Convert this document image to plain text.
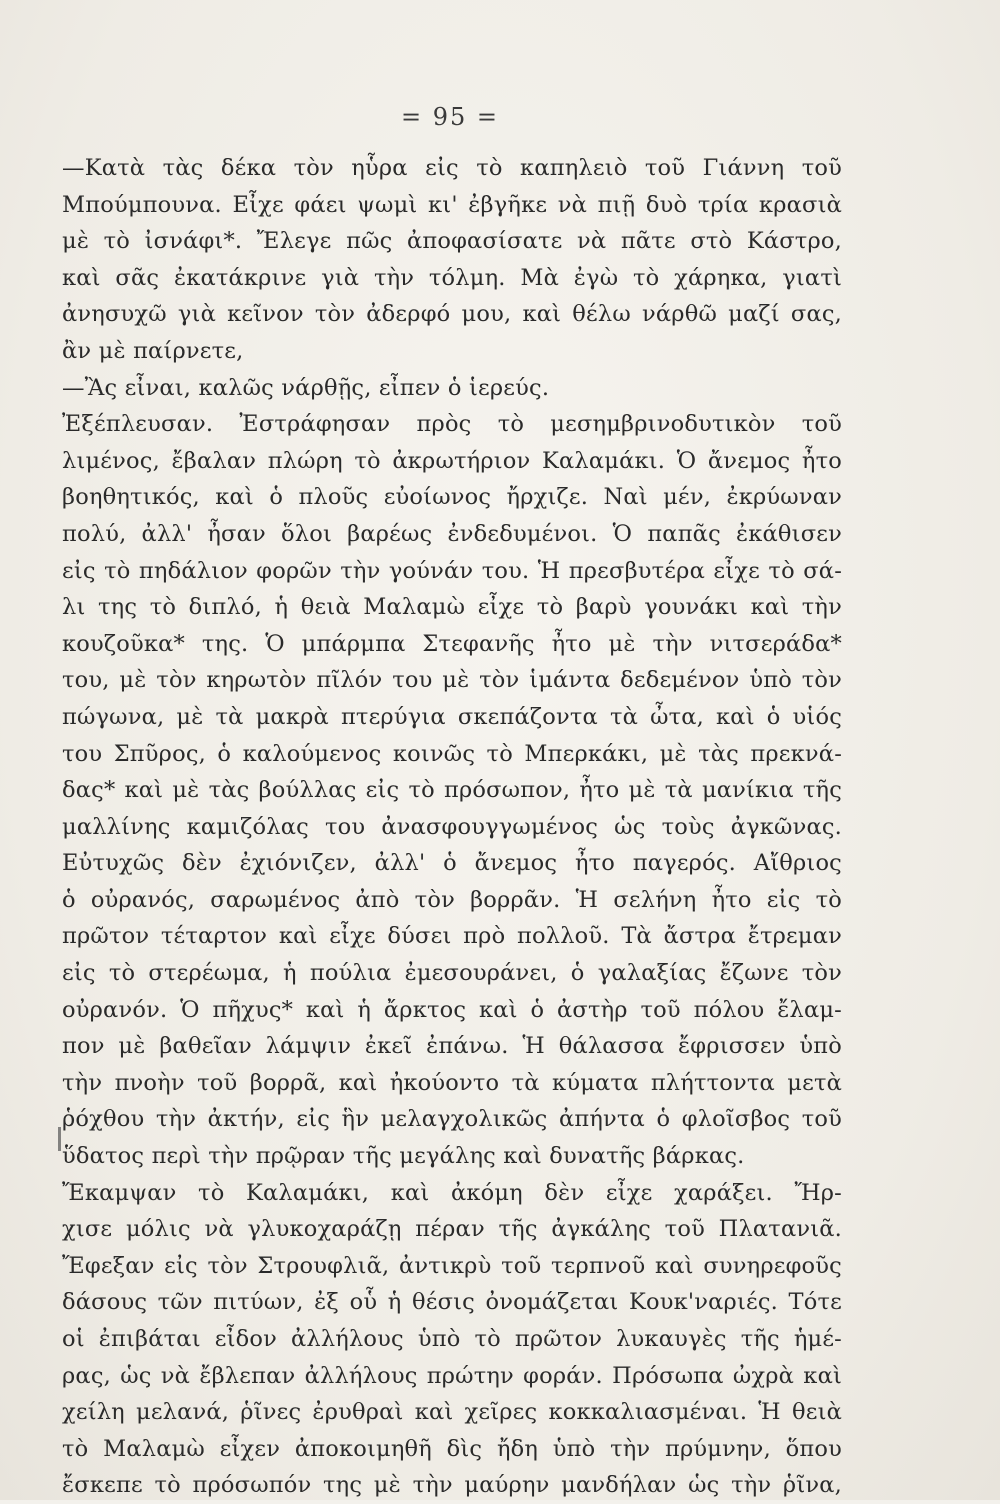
= 95 =
—Κατὰ τὰς δέκα τὸν ηὗρα εἰς τὸ καπηλειὸ τοῦ Γιάννη τοῦ
Μπούμπουνα. Εἶχε φάει ψωμὶ κι' ἐβγῆκε νὰ πιῇ δυὸ τρία κρασιὰ
μὲ τὸ ἰσνάφι*. Ἔλεγε πῶς ἀποφασίσατε νὰ πᾶτε στὸ Κάστρο,
καὶ σᾶς ἐκατάκρινε γιὰ τὴν τόλμη. Μὰ ἐγὼ τὸ χάρηκα, γιατὶ
ἀνησυχῶ γιὰ κεῖνον τὸν ἀδερφό μου, καὶ θέλω νάρθῶ μαζί σας,
ἂν μὲ παίρνετε,
—Ἂς εἶναι, καλῶς νάρθῇς, εἶπεν ὁ ἱερεύς.
Ἐξέπλευσαν. Ἐστράφησαν πρὸς τὸ μεσημβρινοδυτικὸν τοῦ
λιμένος, ἔβαλαν πλώρη τὸ ἀκρωτήριον Καλαμάκι. Ὁ ἄνεμος ἦτο
βοηθητικός, καὶ ὁ πλοῦς εὐοίωνος ἤρχιζε. Ναὶ μέν, ἐκρύωναν
πολύ, ἀλλ' ἦσαν ὅλοι βαρέως ἐνδεδυμένοι. Ὁ παπᾶς ἐκάθισεν
εἰς τὸ πηδάλιον φορῶν τὴν γούνάν του. Ἡ πρεσβυτέρα εἶχε τὸ σά-
λι της τὸ διπλό, ἡ θειὰ Μαλαμὼ εἶχε τὸ βαρὺ γουνάκι καὶ τὴν
κουζοῦκα* της. Ὁ μπάρμπα Στεφανῆς ἦτο μὲ τὴν νιτσεράδα*
του, μὲ τὸν κηρωτὸν πῖλόν του μὲ τὸν ἱμάντα δεδεμένον ὑπὸ τὸν
πώγωνα, μὲ τὰ μακρὰ πτερύγια σκεπάζοντα τὰ ὦτα, καὶ ὁ υἱός
του Σπῦρος, ὁ καλούμενος κοινῶς τὸ Μπερκάκι, μὲ τὰς πρεκνά-
δας* καὶ μὲ τὰς βούλλας εἰς τὸ πρόσωπον, ἦτο μὲ τὰ μανίκια τῆς
μαλλίνης καμιζόλας του ἀνασφουγγωμένος ὡς τοὺς ἀγκῶνας.
Εὐτυχῶς δὲν ἐχιόνιζεν, ἀλλ' ὁ ἄνεμος ἦτο παγερός. Αἴθριος
ὁ οὐρανός, σαρωμένος ἀπὸ τὸν βορρᾶν. Ἡ σελήνη ἦτο εἰς τὸ
πρῶτον τέταρτον καὶ εἶχε δύσει πρὸ πολλοῦ. Τὰ ἄστρα ἔτρεμαν
εἰς τὸ στερέωμα, ἡ πούλια ἐμεσουράνει, ὁ γαλαξίας ἔζωνε τὸν
οὐρανόν. Ὁ πῆχυς* καὶ ἡ ἄρκτος καὶ ὁ ἀστὴρ τοῦ πόλου ἔλαμ-
πον μὲ βαθεῖαν λάμψιν ἐκεῖ ἐπάνω. Ἡ θάλασσα ἔφρισσεν ὑπὸ
τὴν πνοὴν τοῦ βορρᾶ, καὶ ἠκούοντο τὰ κύματα πλήττοντα μετὰ
ῥόχθου τὴν ἀκτήν, εἰς ἣν μελαγχολικῶς ἀπήντα ὁ φλοῖσβος τοῦ
ὕδατος περὶ τὴν πρῷραν τῆς μεγάλης καὶ δυνατῆς βάρκας.
Ἔκαμψαν τὸ Καλαμάκι, καὶ ἀκόμη δὲν εἶχε χαράξει. Ἤρ-
χισε μόλις νὰ γλυκοχαράζῃ πέραν τῆς ἀγκάλης τοῦ Πλατανιᾶ.
Ἔφεξαν εἰς τὸν Στρουφλιᾶ, ἀντικρὺ τοῦ τερπνοῦ καὶ συνηρεφοῦς
δάσους τῶν πιτύων, ἐξ οὗ ἡ θέσις ὀνομάζεται Κουκ'ναριές. Τότε
οἱ ἐπιβάται εἶδον ἀλλήλους ὑπὸ τὸ πρῶτον λυκαυγὲς τῆς ἡμέ-
ρας, ὡς νὰ ἔβλεπαν ἀλλήλους πρώτην φοράν. Πρόσωπα ὠχρὰ καὶ
χείλη μελανά, ῥῖνες ἐρυθραὶ καὶ χεῖρες κοκκαλιασμέναι. Ἡ θειὰ
τὸ Μαλαμὼ εἶχεν ἀποκοιμηθῆ δὶς ἤδη ὑπὸ τὴν πρύμνην, ὅπου
ἔσκεπε τὸ πρόσωπόν της μὲ τὴν μαύρην μανδήλαν ὡς τὴν ῥῖνα,
